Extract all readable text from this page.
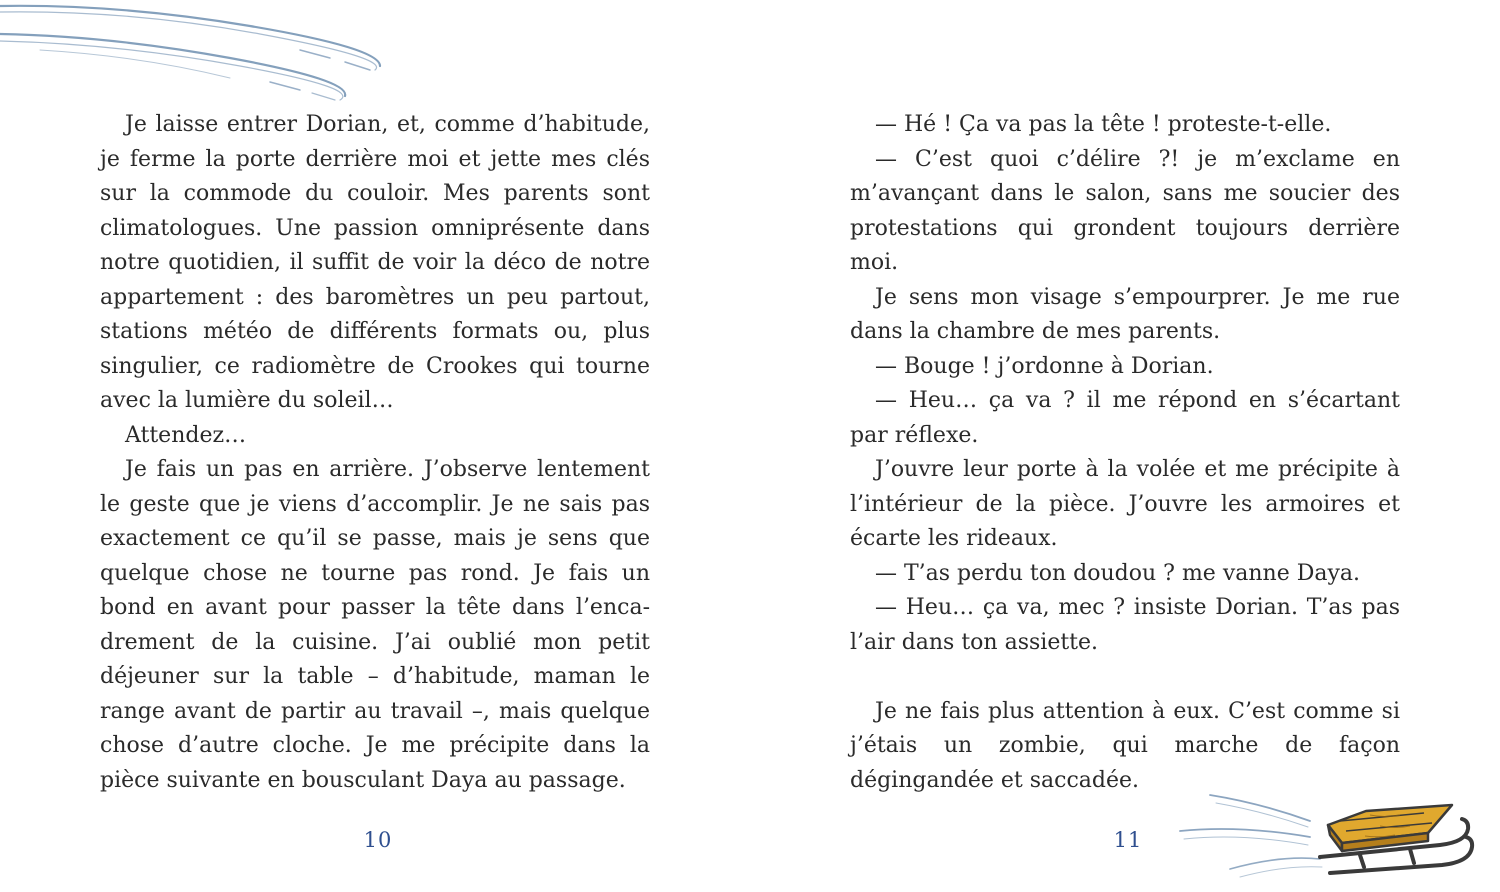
Je laisse entrer Dorian, et, comme d’habitude, je ferme la porte derrière moi et jette mes clés sur la commode du couloir. Mes parents sont climatologues. Une passion omniprésente dans notre quotidien, il suffit de voir la déco de notre appartement : des baromètres un peu partout, stations météo de différents formats ou, plus singulier, ce radiomètre de Crookes qui tourne avec la lumière du soleil…

Attendez…

Je fais un pas en arrière. J’observe lentement le geste que je viens d’accomplir. Je ne sais pas exactement ce qu’il se passe, mais je sens que quelque chose ne tourne pas rond. Je fais un bond en avant pour passer la tête dans l’encadrement de la cuisine. J’ai oublié mon petit déjeuner sur la table – d’habitude, maman le range avant de partir au travail –, mais quelque chose d’autre cloche. Je me précipite dans la pièce suivante en bousculant Daya au passage.

10

— Hé ! Ça va pas la tête ! proteste-t-elle.

— C’est quoi c’délire ?! je m’exclame en m’avançant dans le salon, sans me soucier des protestations qui grondent toujours derrière moi.

Je sens mon visage s’empourprer. Je me rue dans la chambre de mes parents.

— Bouge ! j’ordonne à Dorian.

— Heu… ça va ? il me répond en s’écartant par réflexe.

J’ouvre leur porte à la volée et me précipite à l’intérieur de la pièce. J’ouvre les armoires et écarte les rideaux.

— T’as perdu ton doudou ? me vanne Daya.

— Heu… ça va, mec ? insiste Dorian. T’as pas l’air dans ton assiette.

Je ne fais plus attention à eux. C’est comme si j’étais un zombie, qui marche de façon dégingandée et saccadée.

11
